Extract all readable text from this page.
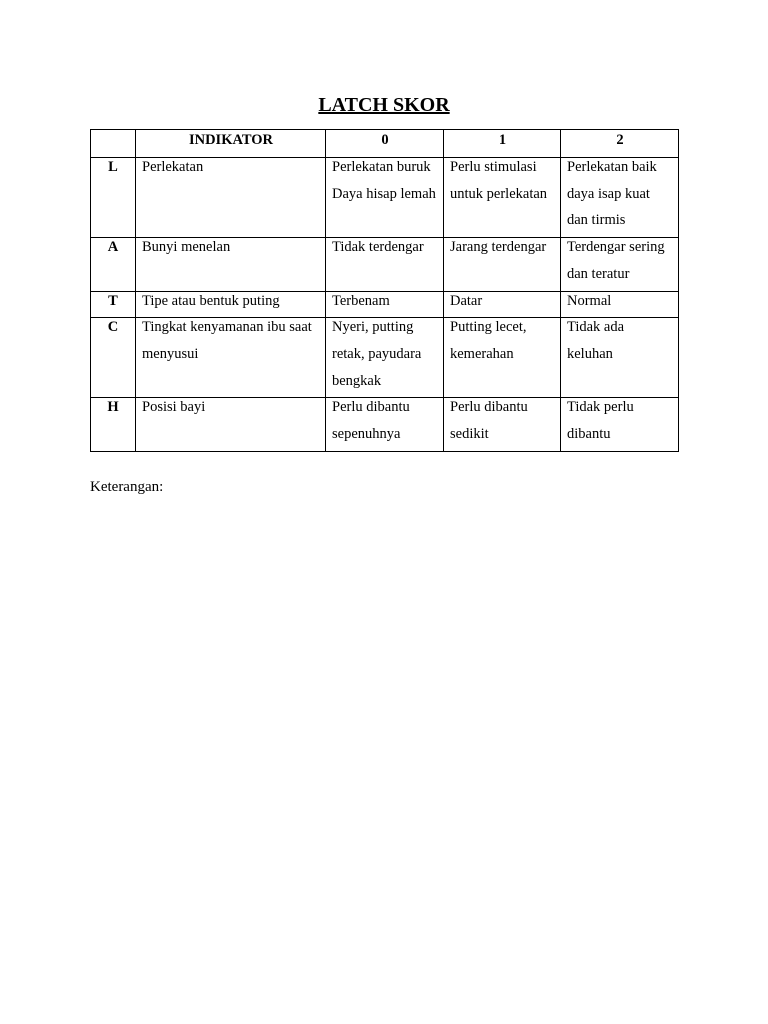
LATCH SKOR
	INDIKATOR	0	1	2

L	Perlekatan	Perlekatan buruk Daya hisap lemah	Perlu stimulasi untuk perlekatan	Perlekatan baik daya isap kuat dan tirmis

A	Bunyi menelan	Tidak terdengar	Jarang terdengar	Terdengar sering dan teratur

T	Tipe atau bentuk puting	Terbenam	Datar	Normal

C	Tingkat kenyamanan ibu saat menyusui	Nyeri, putting retak, payudara bengkak	Putting lecet, kemerahan	Tidak ada keluhan

H	Posisi bayi	Perlu dibantu sepenuhnya	Perlu dibantu sedikit	Tidak perlu dibantu
Keterangan:
